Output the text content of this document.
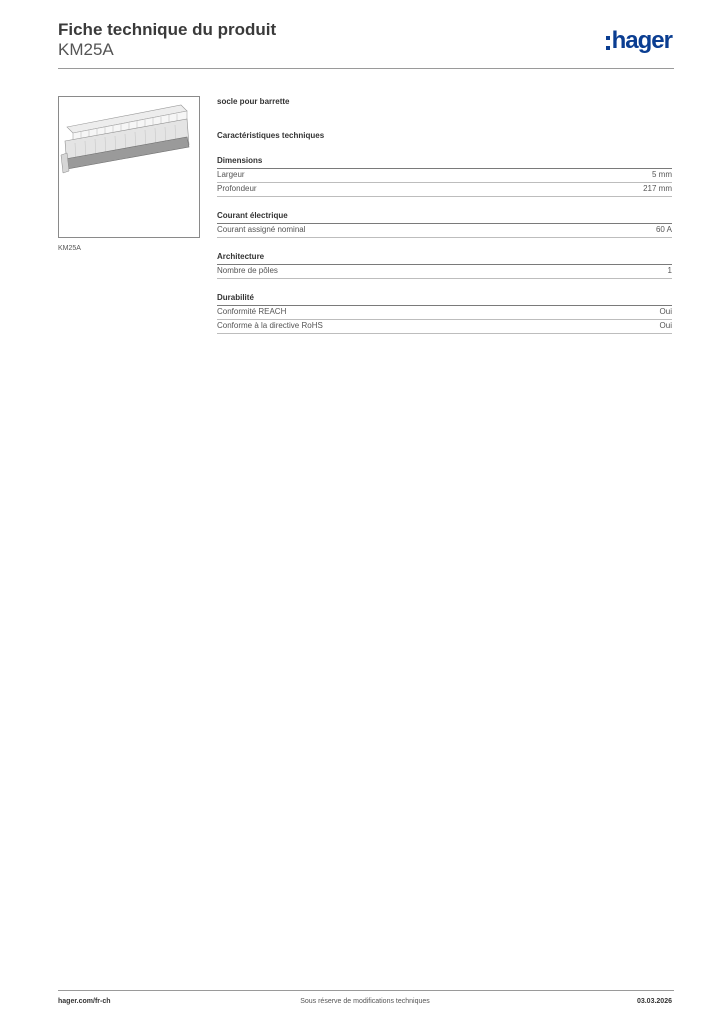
Fiche technique du produit
KM25A	hager
KM25A
socle pour barrette
Caractéristiques techniques
Dimensions
Largeur	5 mm
Profondeur	217 mm
Courant électrique
Courant assigné nominal	60 A
Architecture
Nombre de pôles	1
Durabilité
Conformité REACH	Oui
Conforme à la directive RoHS	Oui
hager.com/fr-ch	Sous réserve de modifications techniques	03.03.2026
